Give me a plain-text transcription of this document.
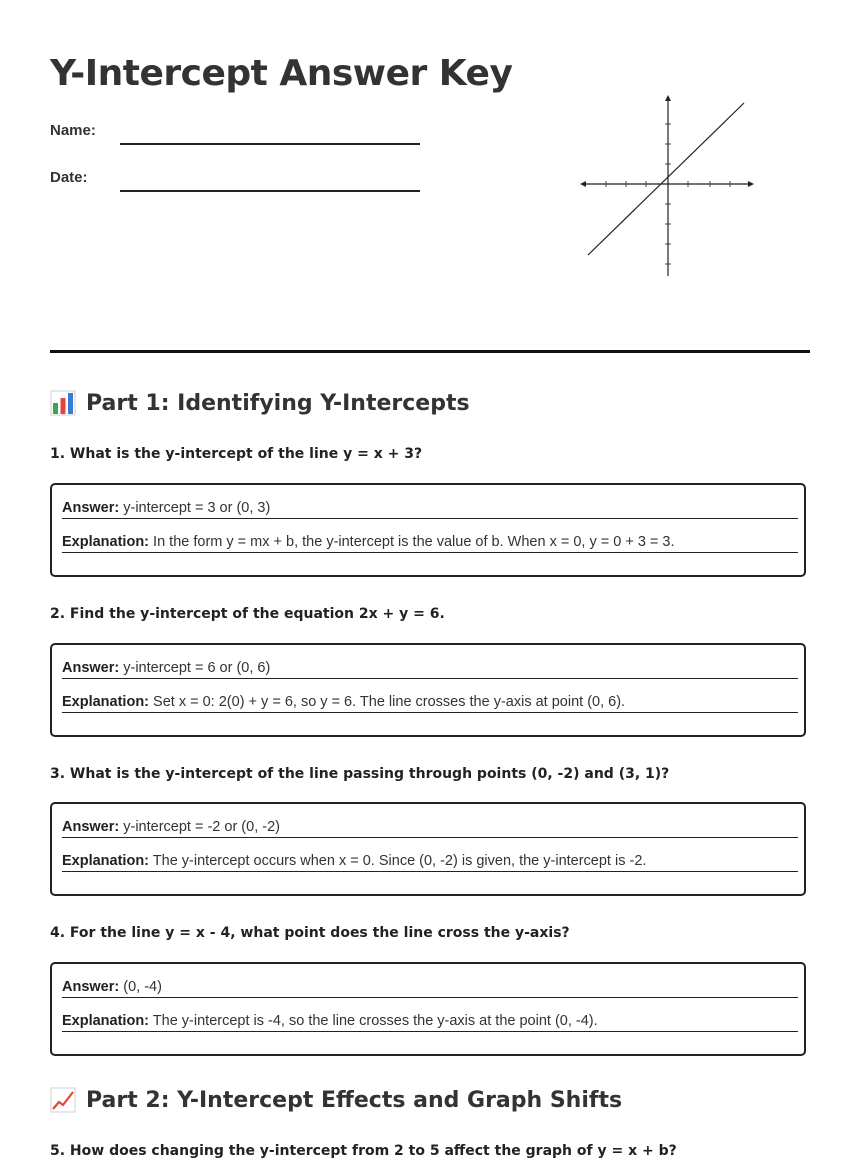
Y-Intercept Answer Key
Name:
Date:
Part 1: Identifying Y-Intercepts

1. What is the y-intercept of the line y = x + 3?

Answer: y-intercept = 3 or (0, 3)
Explanation: In the form y = mx + b, the y-intercept is the value of b. When x = 0, y = 0 + 3 = 3.

2. Find the y-intercept of the equation 2x + y = 6.

Answer: y-intercept = 6 or (0, 6)
Explanation: Set x = 0: 2(0) + y = 6, so y = 6. The line crosses the y-axis at point (0, 6).

3. What is the y-intercept of the line passing through points (0, -2) and (3, 1)?

Answer: y-intercept = -2 or (0, -2)
Explanation: The y-intercept occurs when x = 0. Since (0, -2) is given, the y-intercept is -2.

4. For the line y = x - 4, what point does the line cross the y-axis?

Answer: (0, -4)
Explanation: The y-intercept is -4, so the line crosses the y-axis at the point (0, -4).
Part 2: Y-Intercept Effects and Graph Shifts

5. How does changing the y-intercept from 2 to 5 affect the graph of y = x + b?
